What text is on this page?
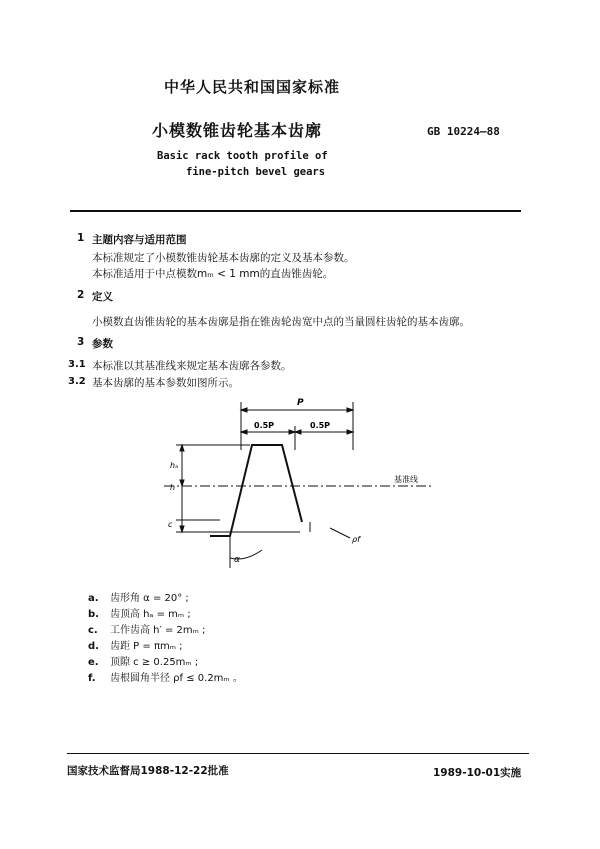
中华人民共和国国家标准
小模数锥齿轮基本齿廓	GB 10224—88
Basic rack tooth profile of
fine-pitch bevel gears
1 主题内容与适用范围
本标准规定了小模数锥齿轮基本齿廓的定义及基本参数。
本标准适用于中点模数mₘ < 1 mm的直齿锥齿轮。
2 定义
小模数直齿锥齿轮的基本齿廓是指在锥齿轮齿宽中点的当量圆柱齿轮的基本齿廓。
3 参数
3.1 本标准以其基准线来规定基本齿廓各参数。
3.2 基本齿廓的基本参数如图所示。
P
0.5P	0.5P
hₐ
h
c
α
ρf
基准线
a. 齿形角 α = 20° ;
b. 齿顶高 hₐ = mₘ ;
c. 工作齿高 h′ = 2mₘ ;
d. 齿距 P = πmₘ ;
e. 顶隙 c ≥ 0.25mₘ ;
f. 齿根圆角半径 ρf ≤ 0.2mₘ 。
国家技术监督局1988-12-22批准	1989-10-01实施
